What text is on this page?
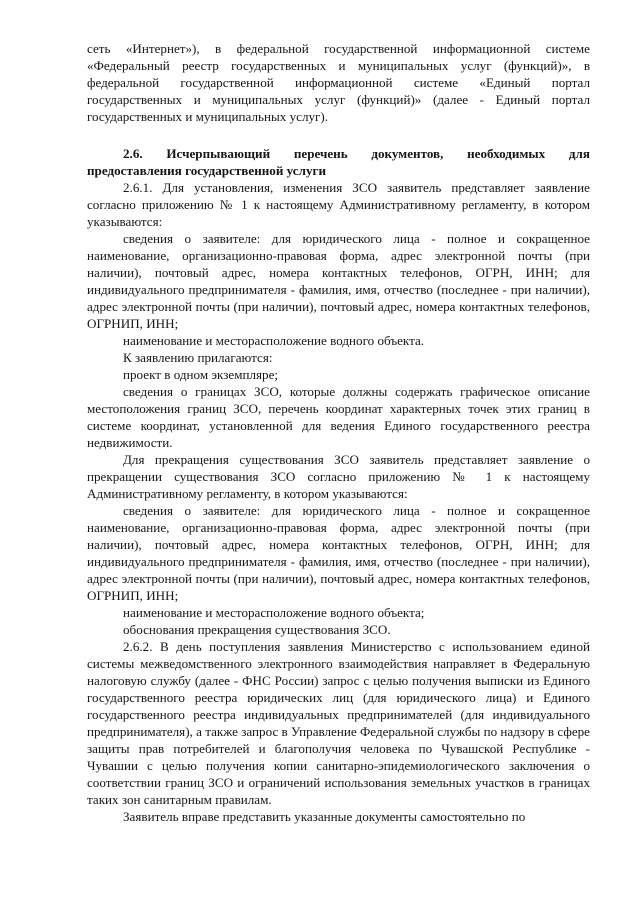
сеть «Интернет»), в федеральной государственной информационной системе «Федеральный реестр государственных и муниципальных услуг (функций)», в федеральной государственной информационной системе «Единый портал государственных и муниципальных услуг (функций)» (далее - Единый портал государственных и муниципальных услуг).

2.6. Исчерпывающий перечень документов, необходимых для
предоставления государственной услуги

2.6.1. Для установления, изменения ЗСО заявитель представляет заявление согласно приложению № 1 к настоящему Административному регламенту, в котором указываются:

сведения о заявителе: для юридического лица - полное и сокращенное наименование, организационно-правовая форма, адрес электронной почты (при наличии), почтовый адрес, номера контактных телефонов, ОГРН, ИНН; для индивидуального предпринимателя - фамилия, имя, отчество (последнее - при наличии), адрес электронной почты (при наличии), почтовый адрес, номера контактных телефонов, ОГРНИП, ИНН;

наименование и месторасположение водного объекта.

К заявлению прилагаются:

проект в одном экземпляре;

сведения о границах ЗСО, которые должны содержать графическое описание местоположения границ ЗСО, перечень координат характерных точек этих границ в системе координат, установленной для ведения Единого государственного реестра недвижимости.

Для прекращения существования ЗСО заявитель представляет заявление о прекращении существования ЗСО согласно приложению № 1 к настоящему Административному регламенту, в котором указываются:

сведения о заявителе: для юридического лица - полное и сокращенное наименование, организационно-правовая форма, адрес электронной почты (при наличии), почтовый адрес, номера контактных телефонов, ОГРН, ИНН; для индивидуального предпринимателя - фамилия, имя, отчество (последнее - при наличии), адрес электронной почты (при наличии), почтовый адрес, номера контактных телефонов, ОГРНИП, ИНН;

наименование и месторасположение водного объекта;

обоснования прекращения существования ЗСО.

2.6.2. В день поступления заявления Министерство с использованием единой системы межведомственного электронного взаимодействия направляет в Федеральную налоговую службу (далее - ФНС России) запрос с целью получения выписки из Единого государственного реестра юридических лиц (для юридического лица) и Единого государственного реестра индивидуальных предпринимателей (для индивидуального предпринимателя), а также запрос в Управление Федеральной службы по надзору в сфере защиты прав потребителей и благополучия человека по Чувашской Республике - Чувашии с целью получения копии санитарно-эпидемиологического заключения о соответствии границ ЗСО и ограничений использования земельных участков в границах таких зон санитарным правилам.

Заявитель вправе представить указанные документы самостоятельно по
